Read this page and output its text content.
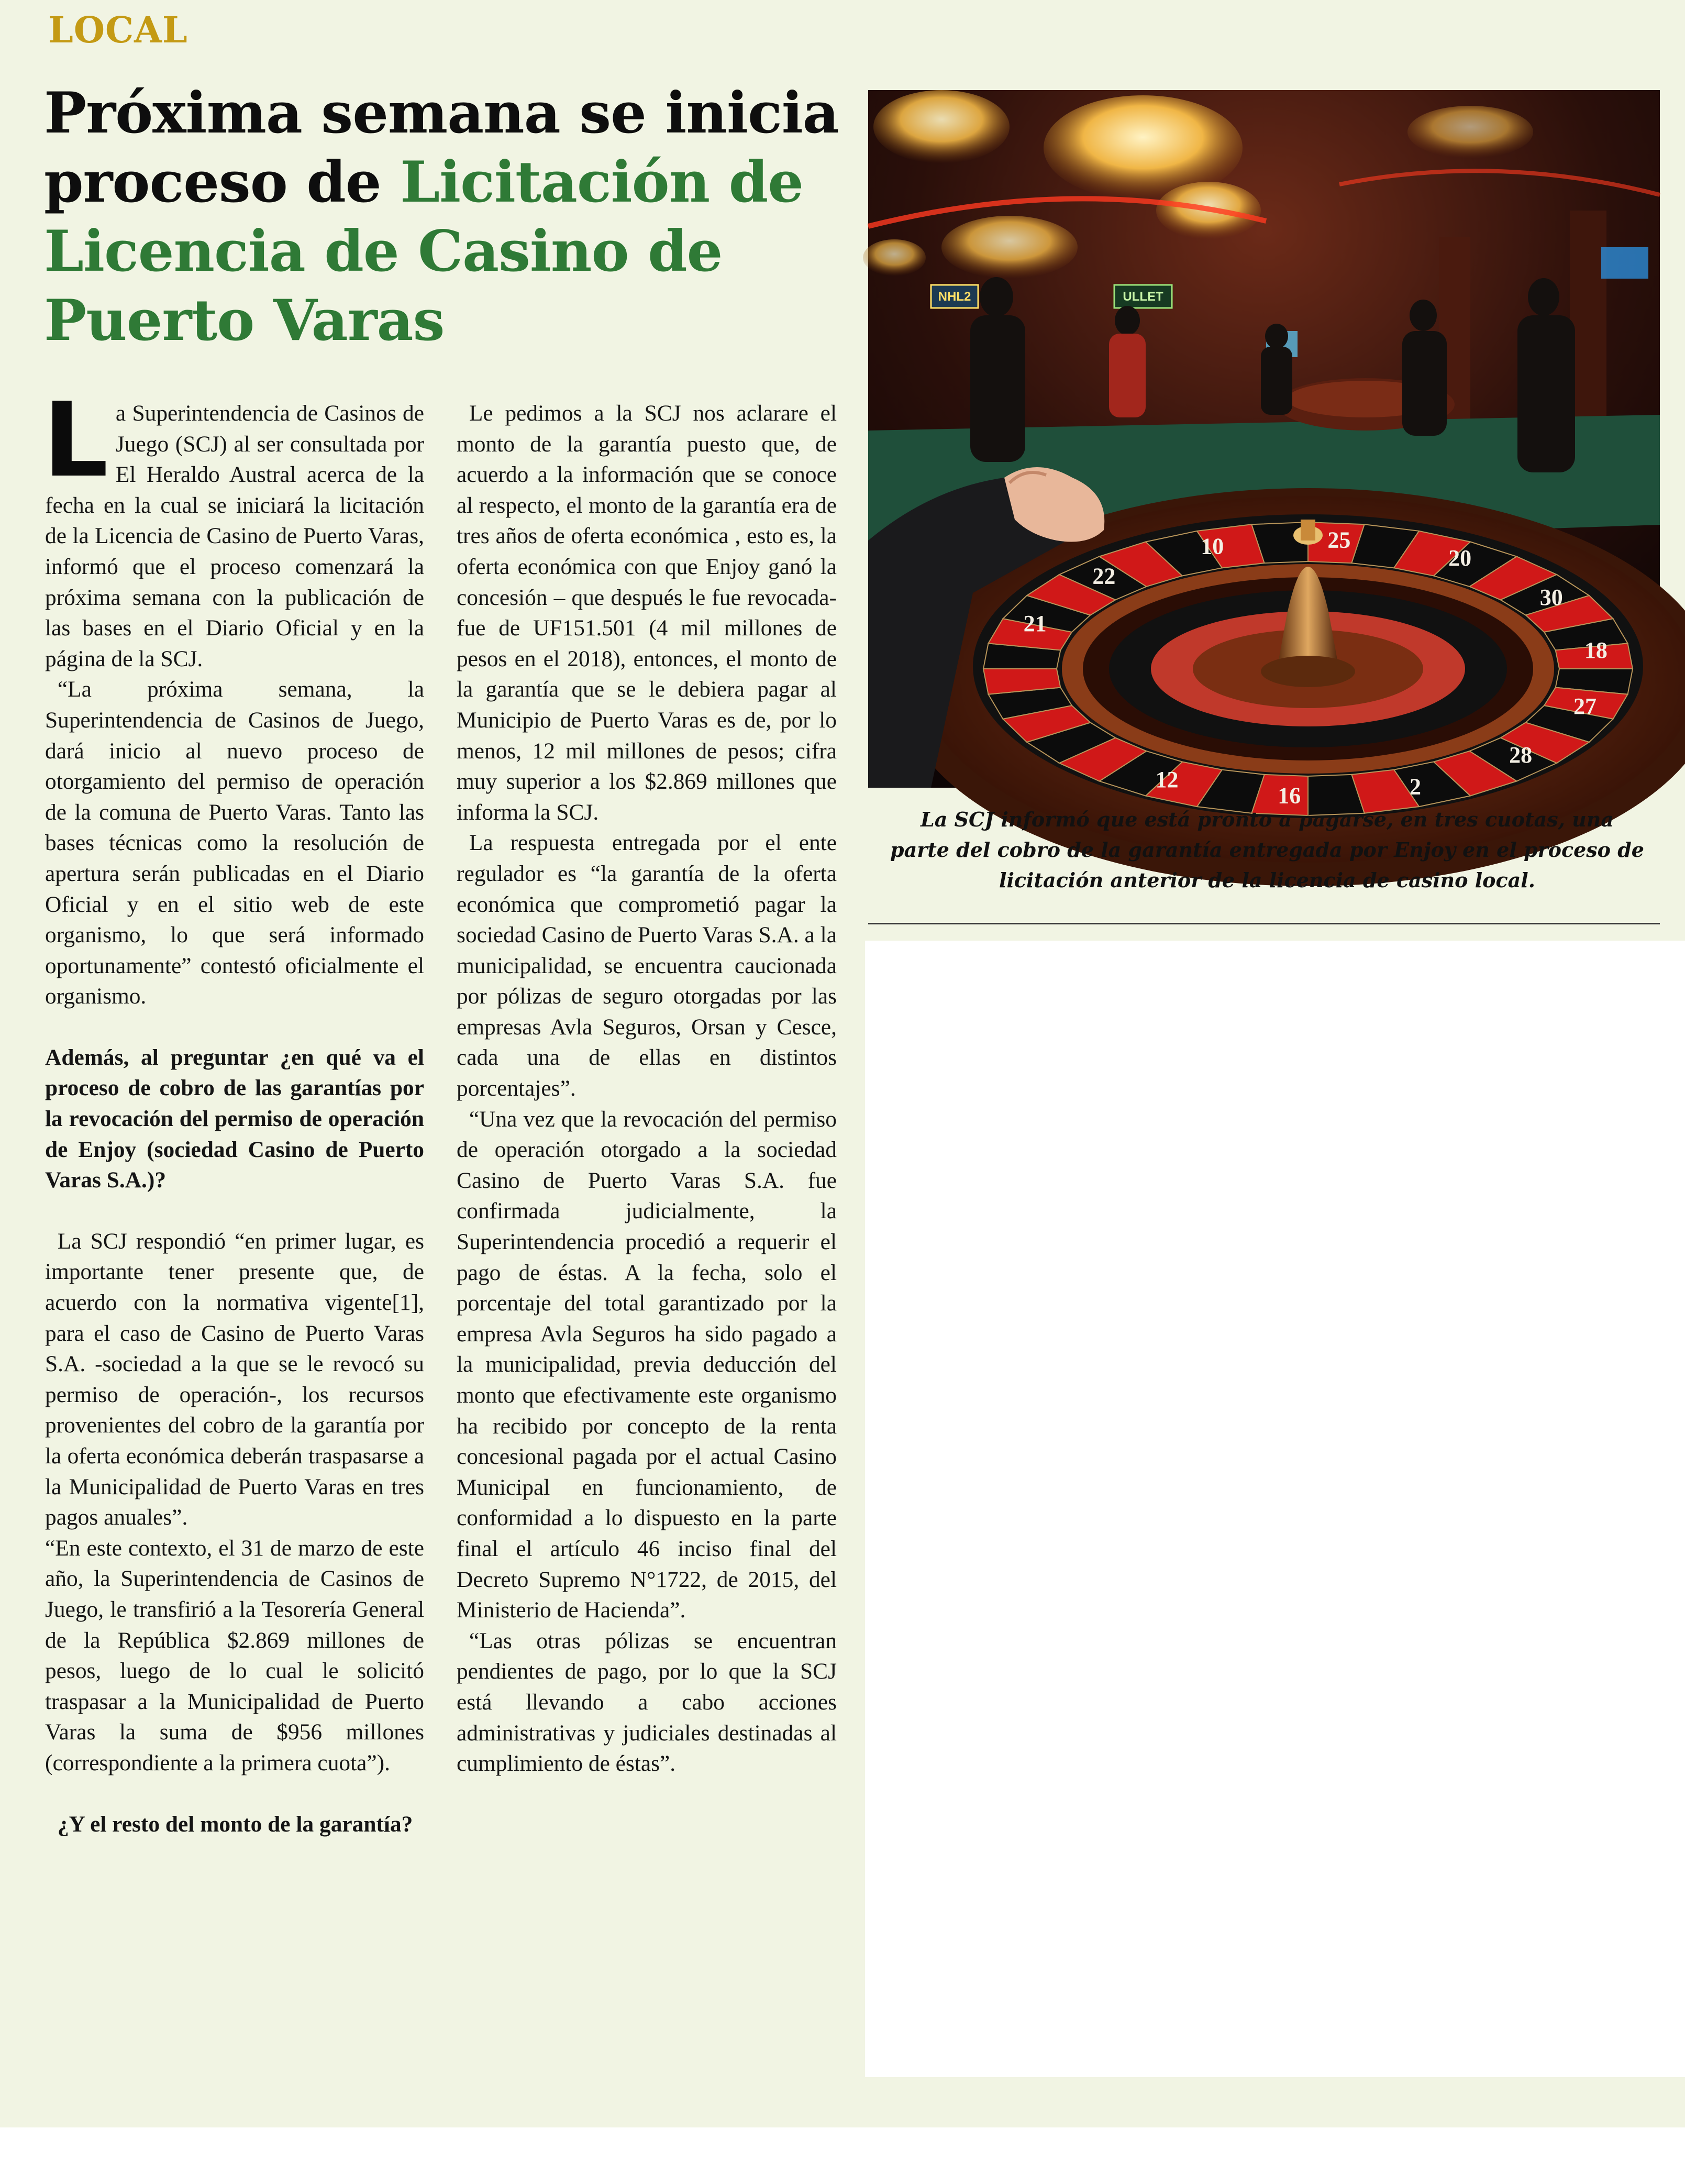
LOCAL
Próxima semana se inicia proceso de Licitación de Licencia de Casino de Puerto Varas

La Superintendencia de Casinos de Juego (SCJ) al ser consultada por El Heraldo Austral acerca de la fecha en la cual se iniciará la licitación de la Licencia de Casino de Puerto Varas, informó que el proceso comenzará la próxima semana con la publicación de las bases en el Diario Oficial y en la página de la SCJ.

“La próxima semana, la Superintendencia de Casinos de Juego, dará inicio al nuevo proceso de otorgamiento del permiso de operación de la comuna de Puerto Varas. Tanto las bases técnicas como la resolución de apertura serán publicadas en el Diario Oficial y en el sitio web de este organismo, lo que será informado oportunamente” contestó oficialmente el organismo.

Además, al preguntar ¿en qué va el proceso de cobro de las garantías por la revocación del permiso de operación de Enjoy (sociedad Casino de Puerto Varas S.A.)?

La SCJ respondió “en primer lugar, es importante tener presente que, de acuerdo con la normativa vigente[1], para el caso de Casino de Puerto Varas S.A. -sociedad a la que se le revocó su permiso de operación-, los recursos provenientes del cobro de la garantía por la oferta económica deberán traspasarse a la Municipalidad de Puerto Varas en tres pagos anuales”.

“En este contexto, el 31 de marzo de este año, la Superintendencia de Casinos de Juego, le transfirió a la Tesorería General de la República $2.869 millones de pesos, luego de lo cual le solicitó traspasar a la Municipalidad de Puerto Varas la suma de $956 millones (correspondiente a la primera cuota”).

¿Y el resto del monto de la garantía?

Le pedimos a la SCJ nos aclarare el monto de la garantía puesto que, de acuerdo a la información que se conoce al respecto, el monto de la garantía era de tres años de oferta económica , esto es, la oferta económica con que Enjoy ganó la concesión – que después le fue revocada- fue de UF151.501 (4 mil millones de pesos en el 2018), entonces, el monto de la garantía que se le debiera pagar al Municipio de Puerto Varas es de, por lo menos, 12 mil millones de pesos; cifra muy superior a los $2.869 millones que informa la SCJ.

La respuesta entregada por el ente regulador es “la garantía de la oferta económica que comprometió pagar la sociedad Casino de Puerto Varas S.A. a la municipalidad, se encuentra caucionada por pólizas de seguro otorgadas por las empresas Avla Seguros, Orsan y Cesce, cada una de ellas en distintos porcentajes”.

“Una vez que la revocación del permiso de operación otorgado a la sociedad Casino de Puerto Varas S.A. fue confirmada judicialmente, la Superintendencia procedió a requerir el pago de éstas. A la fecha, solo el porcentaje del total garantizado por la empresa Avla Seguros ha sido pagado a la municipalidad, previa deducción del monto que efectivamente este organismo ha recibido por concepto de la renta concesional pagada por el actual Casino Municipal en funcionamiento, de conformidad a lo dispuesto en la parte final el artículo 46 inciso final del Decreto Supremo N°1722, de 2015, del Ministerio de Hacienda”.

“Las otras pólizas se encuentran pendientes de pago, por lo que la SCJ está llevando a cabo acciones administrativas y judiciales destinadas al cumplimiento de éstas”.

NHL2	ULLET
21
22
10	25
20
30
18
27
28
2
16
12
La SCJ informó que está pronto a pagarse, en tres cuotas, una parte del cobro de la garantía entregada por Enjoy en el proceso de licitación anterior de la licencia de casino local.
